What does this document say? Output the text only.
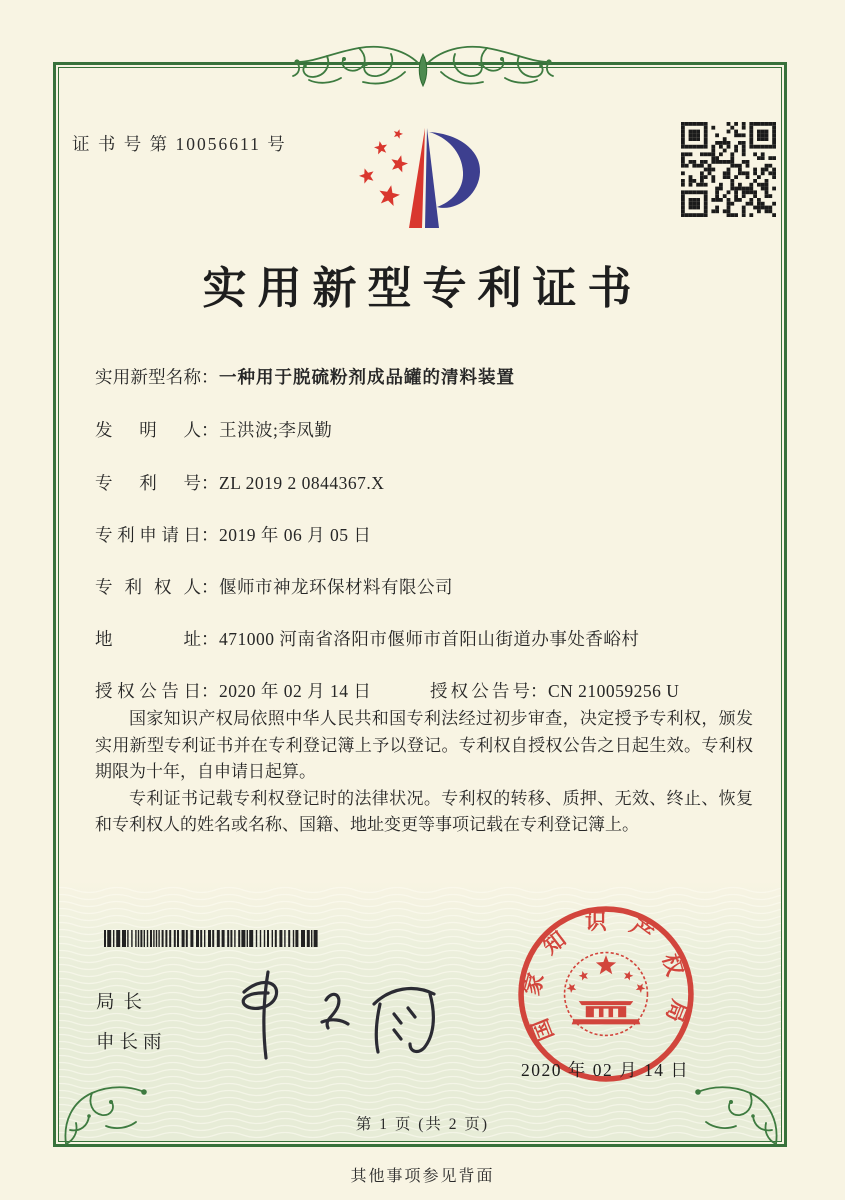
证 书 号 第 10056611 号
实用新型专利证书
实用新型名称：一种用于脱硫粉剂成品罐的清料装置
发明人：王洪波;李凤勤
专利号：ZL 2019 2 0844367.X
专利申请日：2019 年 06 月 05 日
专利权人：偃师市神龙环保材料有限公司
地址：471000 河南省洛阳市偃师市首阳山街道办事处香峪村
授权公告日：2020 年 02 月 14 日	授权公告号：CN 210059256 U

国家知识产权局依照中华人民共和国专利法经过初步审查，决定授予专利权，颁发实用新型专利证书并在专利登记簿上予以登记。专利权自授权公告之日起生效。专利权期限为十年，自申请日起算。

专利证书记载专利权登记时的法律状况。专利权的转移、质押、无效、终止、恢复和专利权人的姓名或名称、国籍、地址变更等事项记载在专利登记簿上。

局长
申长雨	国家知识产权局
2020 年 02 月 14 日
第 1 页 (共 2 页)
其他事项参见背面
